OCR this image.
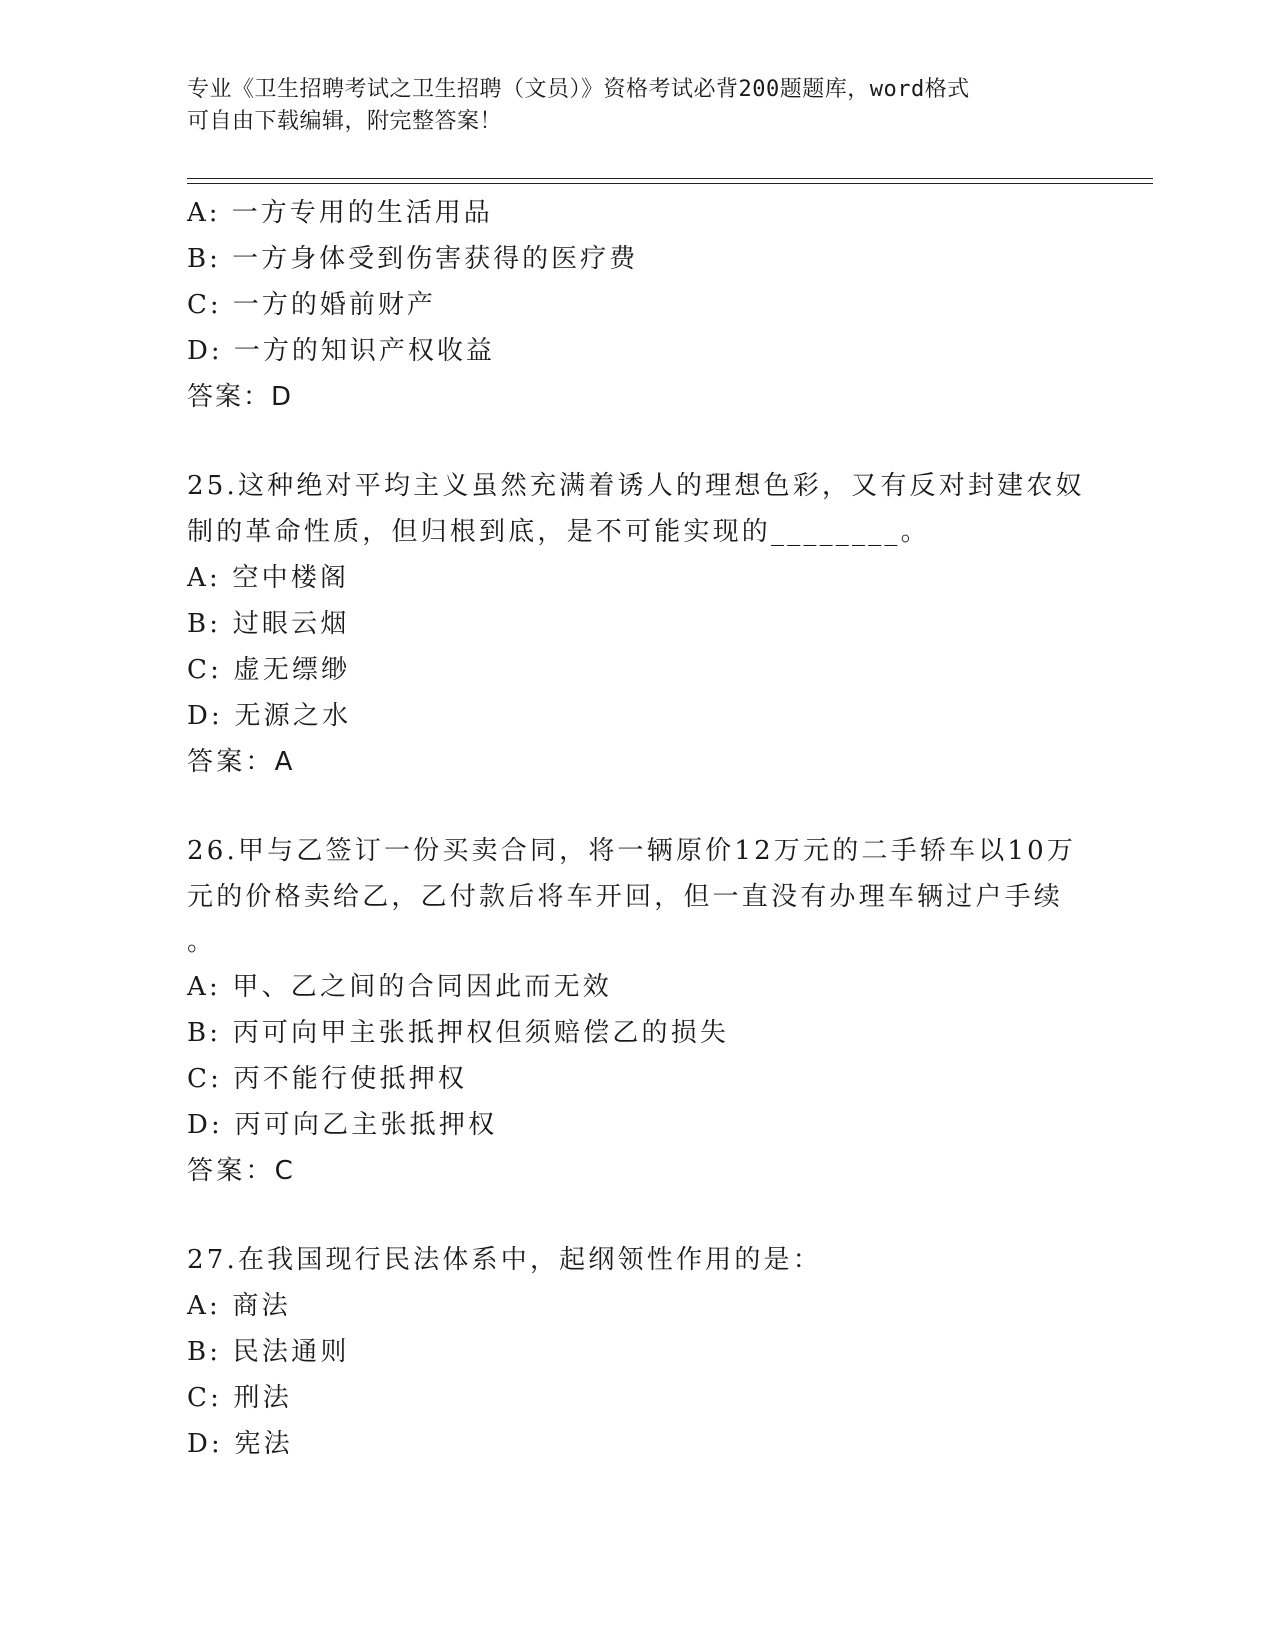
专业《卫生招聘考试之卫生招聘（文员）》资格考试必背200题题库，word格式
可自由下载编辑，附完整答案！
A: 一方专用的生活用品
B: 一方身体受到伤害获得的医疗费
C: 一方的婚前财产
D: 一方的知识产权收益
答案：D
25.这种绝对平均主义虽然充满着诱人的理想色彩，又有反对封建农奴
制的革命性质，但归根到底，是不可能实现的________。
A: 空中楼阁
B: 过眼云烟
C: 虚无缥缈
D: 无源之水
答案：A
26.甲与乙签订一份买卖合同，将一辆原价12万元的二手轿车以10万
元的价格卖给乙，乙付款后将车开回，但一直没有办理车辆过户手续
。
A: 甲、乙之间的合同因此而无效
B: 丙可向甲主张抵押权但须赔偿乙的损失
C: 丙不能行使抵押权
D: 丙可向乙主张抵押权
答案：C
27.在我国现行民法体系中，起纲领性作用的是：
A: 商法
B: 民法通则
C: 刑法
D: 宪法
